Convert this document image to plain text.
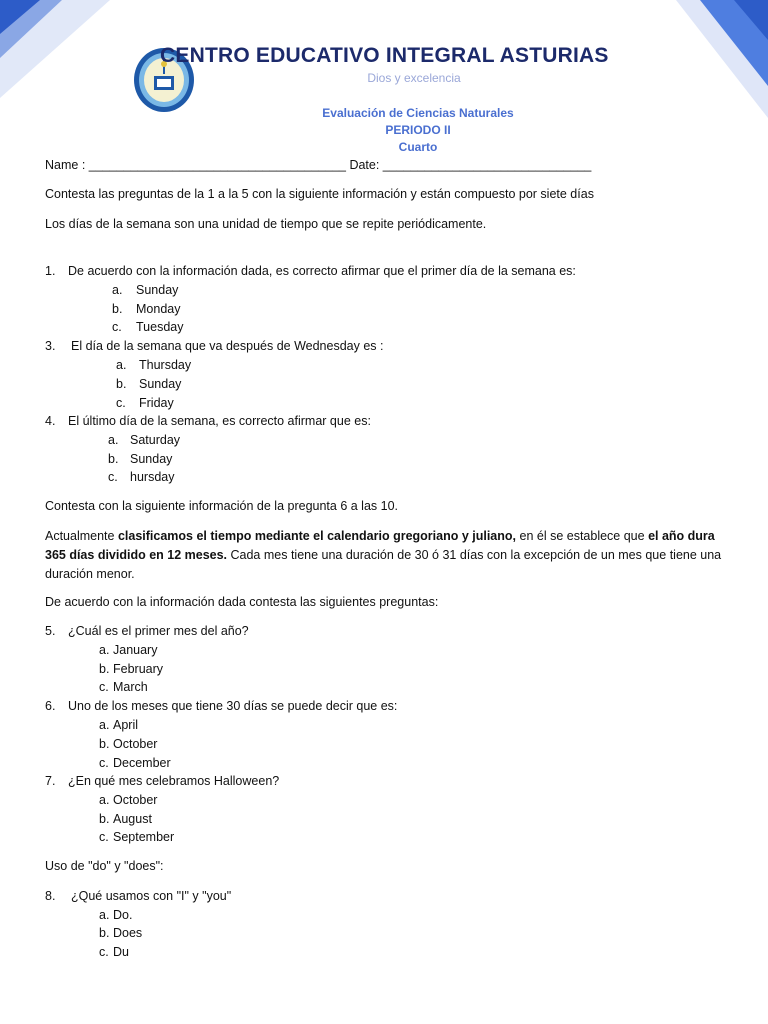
CENTRO EDUCATIVO INTEGRAL ASTURIAS
Dios y excelencia
Evaluación de Ciencias Naturales
PERIODO II
Cuarto
Name : _____________________________________ Date: ______________________________
Contesta las preguntas de la 1 a la 5 con la siguiente información y están compuesto por siete días
Los días de la semana son una unidad de tiempo que se repite periódicamente.
1. De acuerdo con la información dada, es correcto afirmar que el primer día de la semana es:
a. Sunday
b. Monday
c. Tuesday
3. El día de la semana que va después de Wednesday es :
a. Thursday
b. Sunday
c. Friday
4. El último día de la semana, es correcto afirmar que es:
a. Saturday
b. Sunday
c. hursday
Contesta con la siguiente información de la pregunta 6 a las 10.
Actualmente clasificamos el tiempo mediante el calendario gregoriano y juliano, en él se establece que el año dura 365 días dividido en 12 meses. Cada mes tiene una duración de 30 ó 31 días con la excepción de un mes que tiene una duración menor.
De acuerdo con la información dada contesta las siguientes preguntas:
5. ¿Cuál es el primer mes del año?
a. January
b. February
c. March
6. Uno de los meses que tiene 30 días se puede decir que es:
a. April
b. October
c. December
7. ¿En qué mes celebramos Halloween?
a. October
b. August
c. September
Uso de "do" y "does":
8. ¿Qué usamos con "I" y "you"
a. Do.
b. Does
c. Du
